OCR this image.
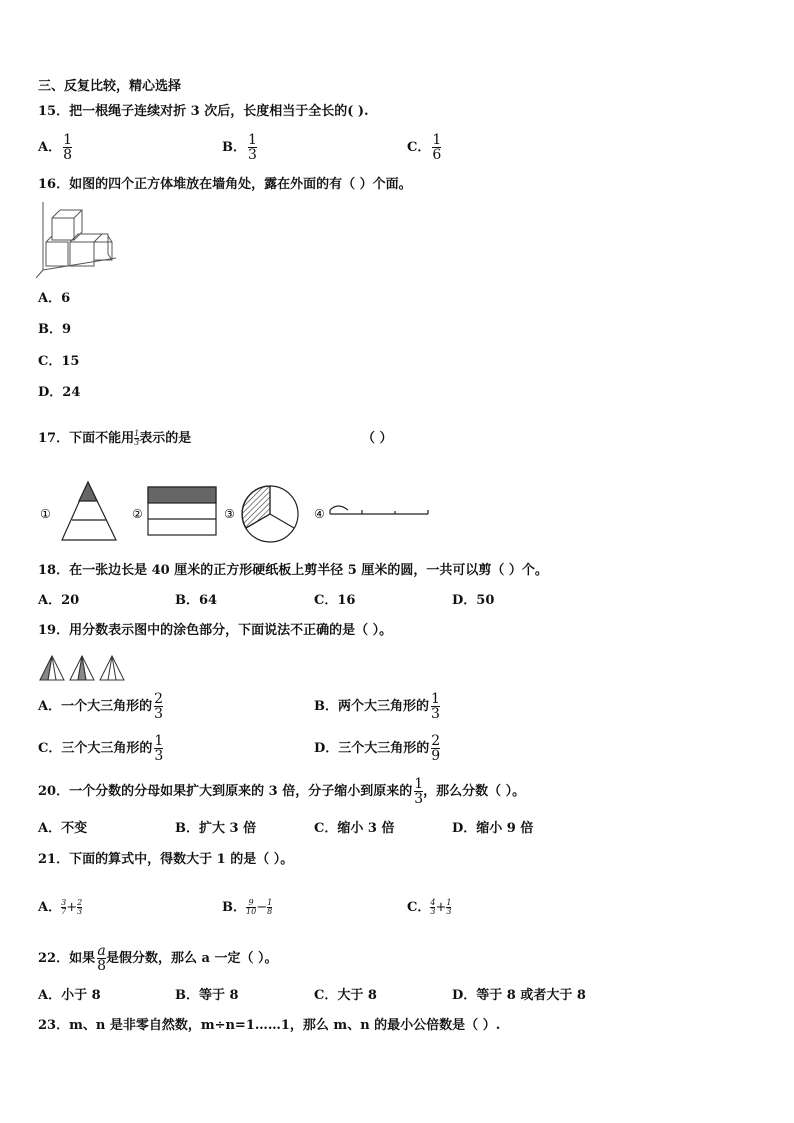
三、反复比较，精心选择
15．把一根绳子连续对折 3 次后，长度相当于全长的( ).
A． $\frac{1}{8}$	B． $\frac{1}{3}$	C． $\frac{1}{6}$
16．如图的四个正方体堆放在墙角处，露在外面的有（ ）个面。
A．6
B．9
C．15
D．24
17．下面不能用 $\frac{1}{3}$ 表示的是	（ ）
①	②	③	④
18．在一张边长是 40 厘米的正方形硬纸板上剪半径 5 厘米的圆，一共可以剪（ ）个。
A．20	B．64	C．16	D．50
19．用分数表示图中的涂色部分，下面说法不正确的是（ ）。
A．一个大三角形的 $\frac{2}{3}$	B．两个大三角形的 $\frac{1}{3}$
C．三个大三角形的 $\frac{1}{3}$	D．三个大三角形的 $\frac{2}{9}$
20．一个分数的分母如果扩大到原来的 3 倍，分子缩小到原来的 $\frac{1}{3}$ ，那么分数（ ）。
A．不变	B．扩大 3 倍	C．缩小 3 倍	D．缩小 9 倍
21．下面的算式中，得数大于 1 的是（ ）。
A． $\frac{3}{7} + \frac{2}{3}$	B． $\frac{9}{10} - \frac{1}{8}$	C． $\frac{4}{3} + \frac{1}{3}$
22．如果 $\frac{a}{8}$ 是假分数，那么 a 一定（ ）。
A．小于 8	B．等于 8	C．大于 8	D．等于 8 或者大于 8
23．m、n 是非零自然数，m÷n=1……1，那么 m、n 的最小公倍数是（ ）.
